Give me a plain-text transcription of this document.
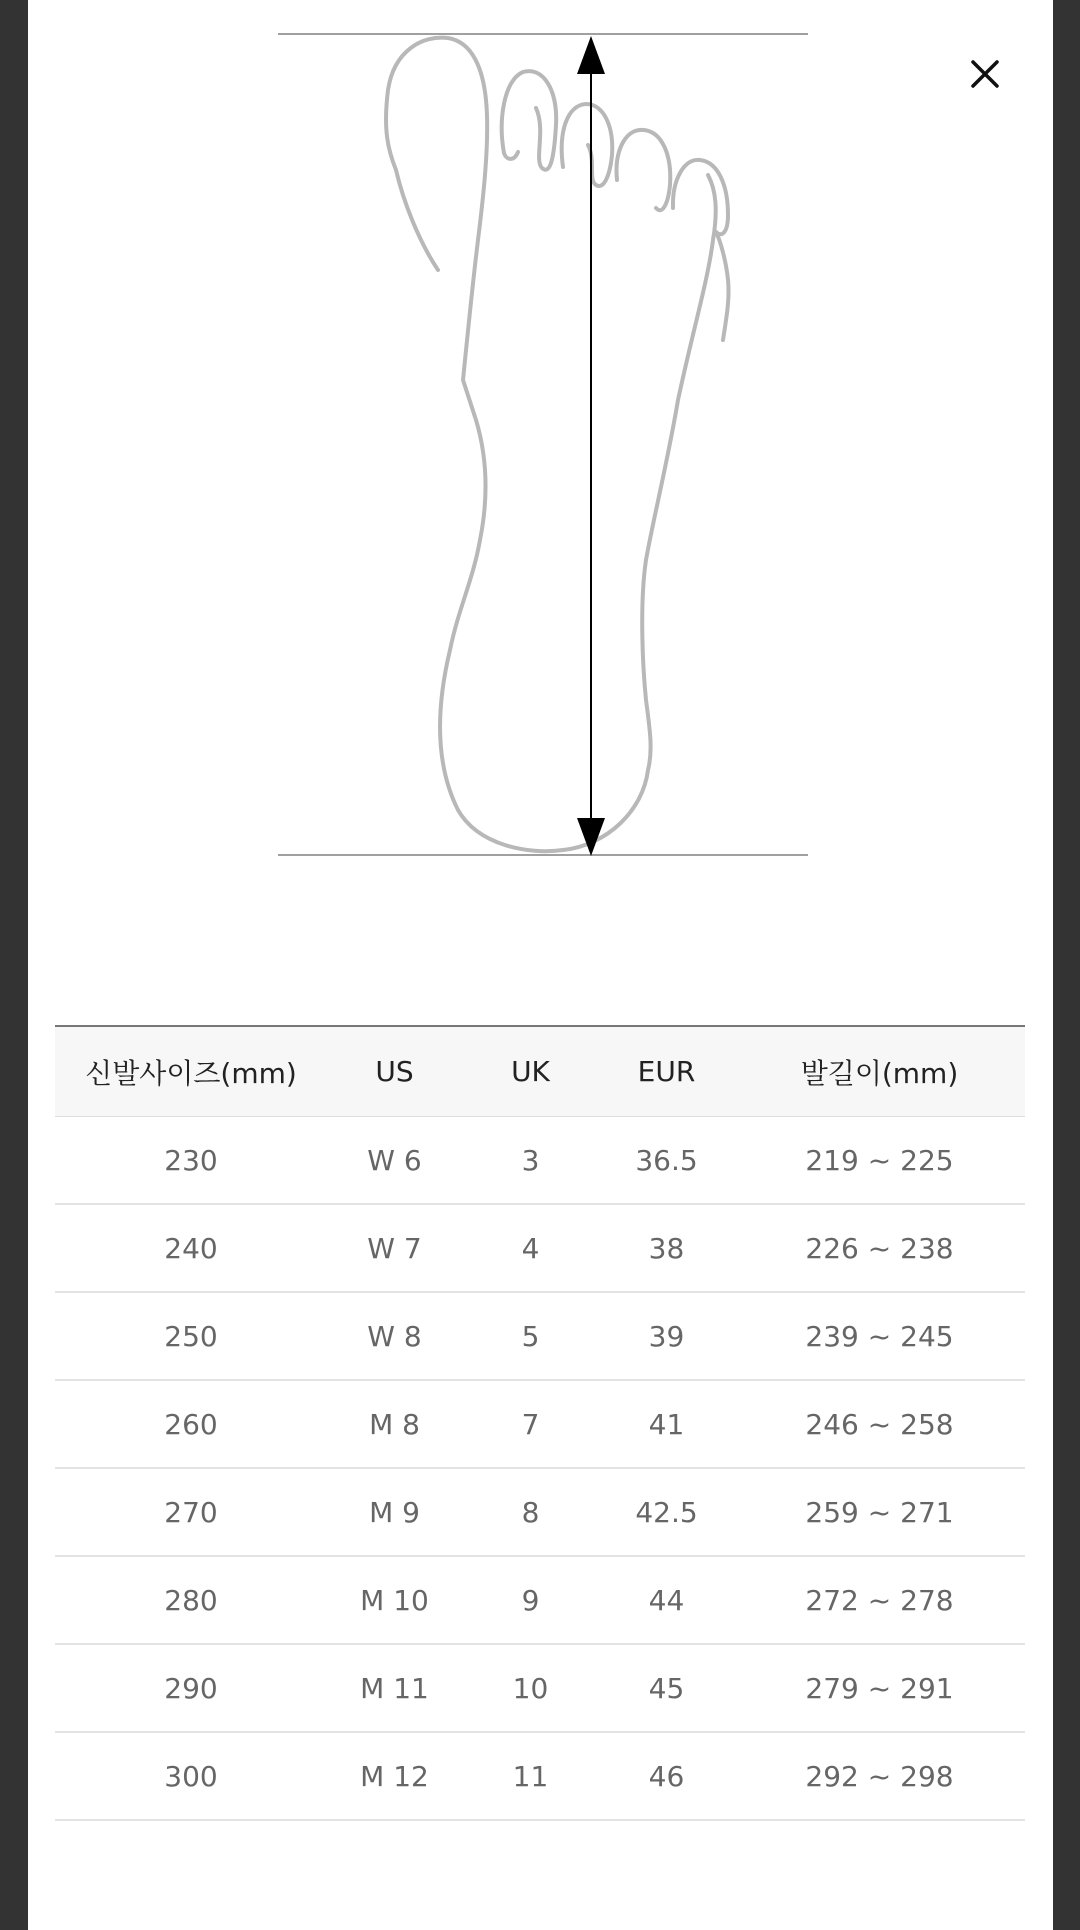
신발사이즈(mm)	US	UK	EUR	발길이(mm)
230	W 6	3	36.5	219 ~ 225
240	W 7	4	38	226 ~ 238
250	W 8	5	39	239 ~ 245
260	M 8	7	41	246 ~ 258
270	M 9	8	42.5	259 ~ 271
280	M 10	9	44	272 ~ 278
290	M 11	10	45	279 ~ 291
300	M 12	11	46	292 ~ 298
